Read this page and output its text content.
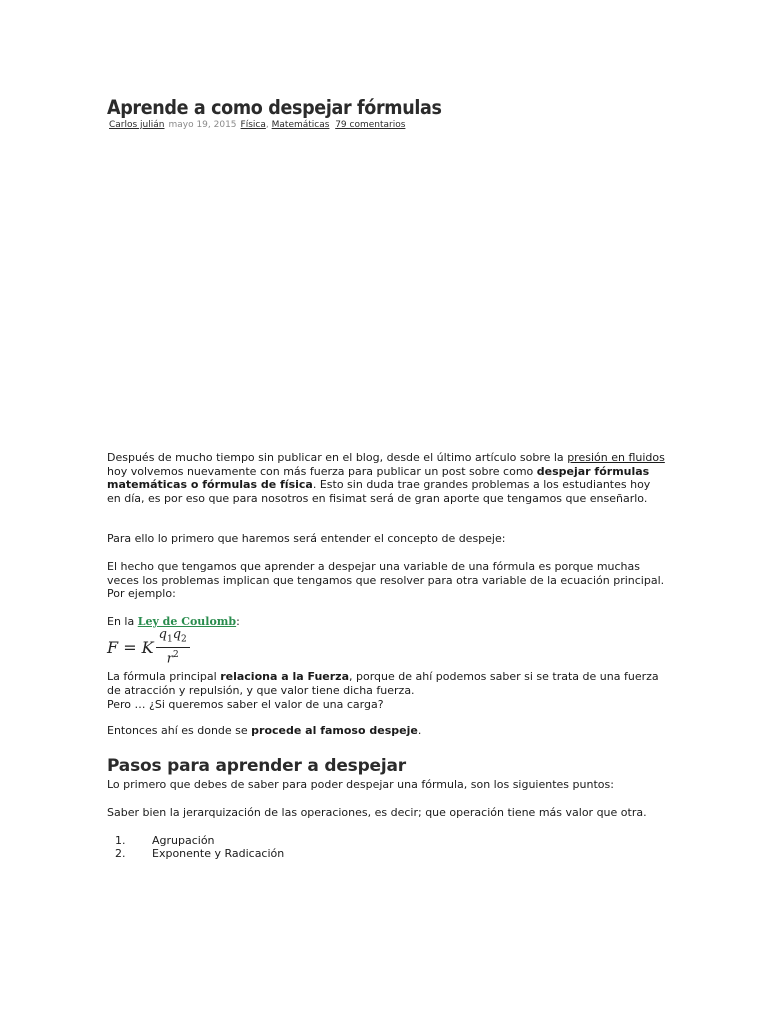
Aprende a como despejar fórmulas
Carlos julián mayo 19, 2015 Física, Matemáticas 79 comentarios

Después de mucho tiempo sin publicar en el blog, desde el último artículo sobre la presión en fluidos hoy volvemos nuevamente con más fuerza para publicar un post sobre como despejar fórmulas matemáticas o fórmulas de física. Esto sin duda trae grandes problemas a los estudiantes hoy en día, es por eso que para nosotros en fisimat será de gran aporte que tengamos que enseñarlo.

Para ello lo primero que haremos será entender el concepto de despeje:

El hecho que tengamos que aprender a despejar una variable de una fórmula es porque muchas veces los problemas implican que tengamos que resolver para otra variable de la ecuación principal. Por ejemplo:

En la Ley de Coulomb:

F = K $\frac{q_1q_2}{r^2}$

La fórmula principal relaciona a la Fuerza, porque de ahí podemos saber si se trata de una fuerza de atracción y repulsión, y que valor tiene dicha fuerza.

Pero … ¿Si queremos saber el valor de una carga?

Entonces ahí es donde se procede al famoso despeje.

Pasos para aprender a despejar

Lo primero que debes de saber para poder despejar una fórmula, son los siguientes puntos:

Saber bien la jerarquización de las operaciones, es decir; que operación tiene más valor que otra.

1.	Agrupación
2.	Exponente y Radicación
